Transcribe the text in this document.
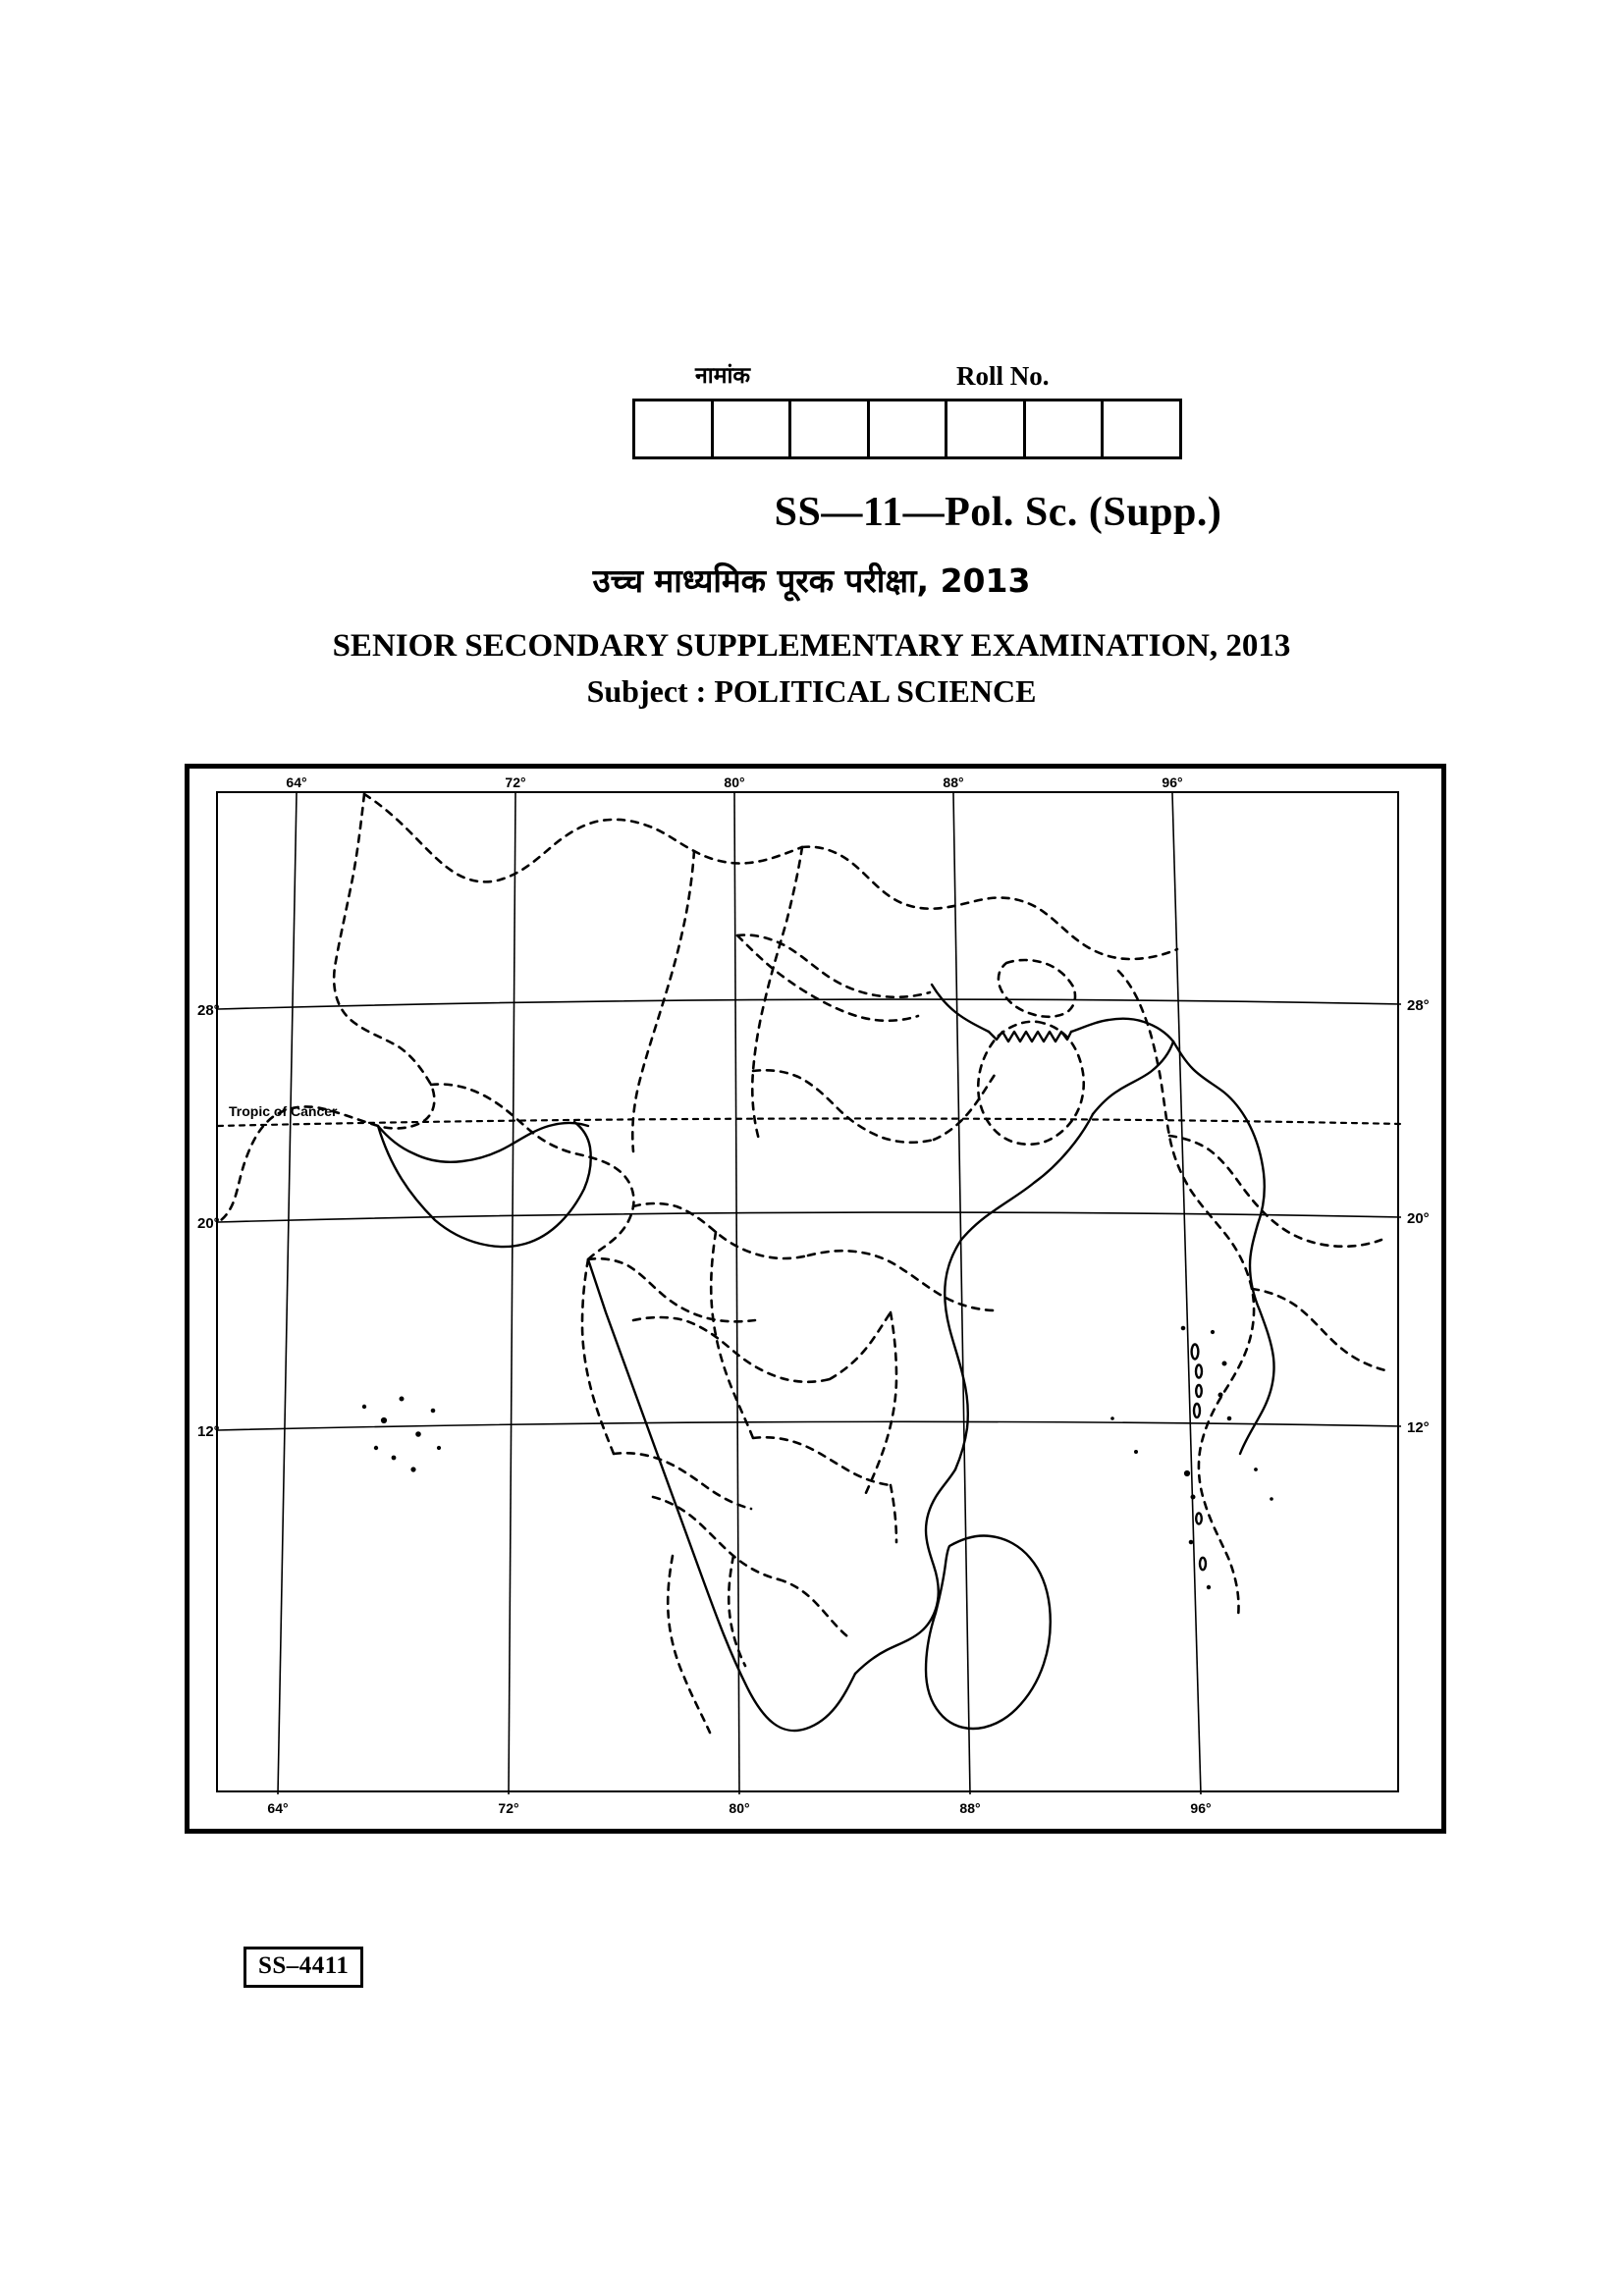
नामांक	Roll No.
SS—11—Pol. Sc. (Supp.)
उच्च माध्यमिक पूरक परीक्षा, 2013
SENIOR SECONDARY SUPPLEMENTARY EXAMINATION, 2013
Subject : POLITICAL SCIENCE
Tropic of Cancer
64°	72°	80°	88°	96°
64°	72°	80°	88°	96°
28°
20°
12°
28°
20°
12°
SS–4411
